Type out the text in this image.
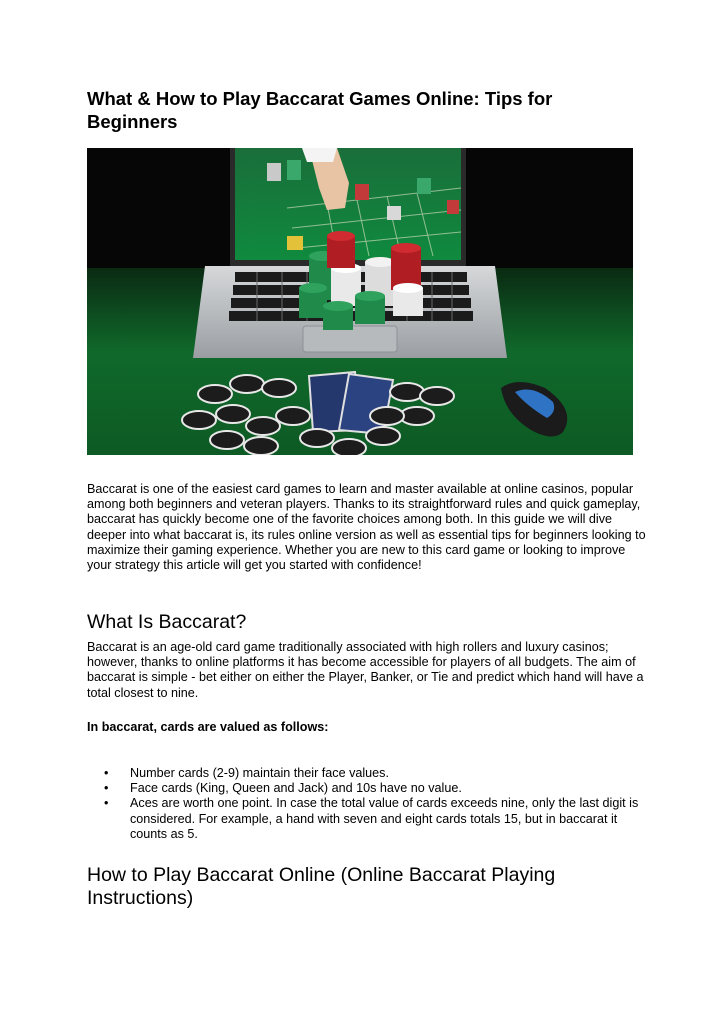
What & How to Play Baccarat Games Online: Tips for Beginners

Baccarat is one of the easiest card games to learn and master available at online casinos, popular among both beginners and veteran players. Thanks to its straightforward rules and quick gameplay, baccarat has quickly become one of the favorite choices among both. In this guide we will dive deeper into what baccarat is, its rules online version as well as essential tips for beginners looking to maximize their gaming experience. Whether you are new to this card game or looking to improve your strategy this article will get you started with confidence!

What Is Baccarat?

Baccarat is an age-old card game traditionally associated with high rollers and luxury casinos; however, thanks to online platforms it has become accessible for players of all budgets. The aim of baccarat is simple - bet either on either the Player, Banker, or Tie and predict which hand will have a total closest to nine.

In baccarat, cards are valued as follows:

• Number cards (2-9) maintain their face values.
• Face cards (King, Queen and Jack) and 10s have no value.
• Aces are worth one point. In case the total value of cards exceeds nine, only the last digit is considered. For example, a hand with seven and eight cards totals 15, but in baccarat it counts as 5.
How to Play Baccarat Online (Online Baccarat Playing Instructions)
